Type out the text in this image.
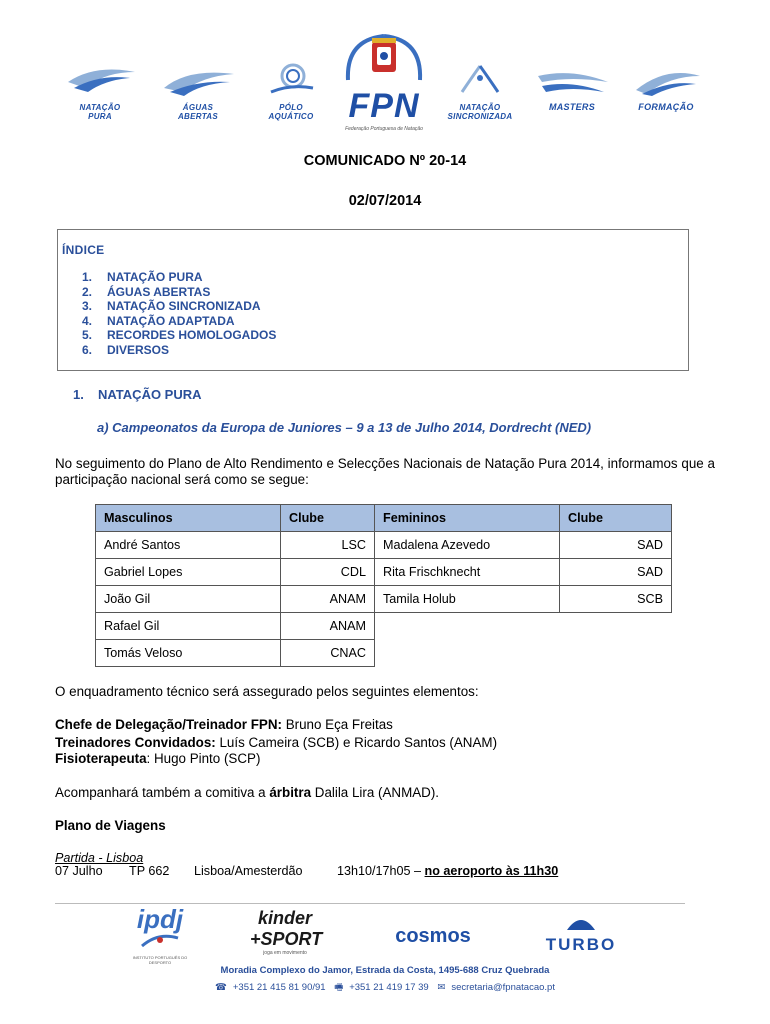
NATAÇÃO
PURA
ÁGUAS
ABERTAS
PÓLO
AQUÁTICO	FPN
Federação Portuguesa de Natação
NATAÇÃO
SINCRONIZADA
MASTERS	FORMAÇÃO
COMUNICADO Nº 20-14
02/07/2014
ÍNDICE
1. NATAÇÃO PURA
2. ÁGUAS ABERTAS
3. NATAÇÃO SINCRONIZADA
4. NATAÇÃO ADAPTADA
5. RECORDES HOMOLOGADOS
6. DIVERSOS
1. NATAÇÃO PURA
a) Campeonatos da Europa de Juniores – 9 a 13 de Julho 2014, Dordrecht (NED)
No seguimento do Plano de Alto Rendimento e Selecções Nacionais de Natação Pura 2014, informamos que a participação nacional será como se segue:
Masculinos	Clube	Femininos	Clube
André Santos	LSC	Madalena Azevedo	SAD
Gabriel Lopes	CDL	Rita Frischknecht	SAD
João Gil	ANAM	Tamila Holub	SCB
Rafael Gil	ANAM		
Tomás Veloso	CNAC		
O enquadramento técnico será assegurado pelos seguintes elementos:
Chefe de Delegação/Treinador FPN: Bruno Eça Freitas
Treinadores Convidados: Luís Cameira (SCB) e Ricardo Santos (ANAM)
Fisioterapeuta: Hugo Pinto (SCP)
Acompanhará também a comitiva a árbitra Dalila Lira (ANMAD).
Plano de Viagens
Partida - Lisboa
07 Julho TP 662 Lisboa/Amesterdão	13h10/17h05 – no aeroporto às 11h30
ipdj
INSTITUTO PORTUGUÊS DO DESPORTO
kinder +SPORT
joga em movimento
cosmos	TURBO
Moradia Complexo do Jamor, Estrada da Costa, 1495-688 Cruz Quebrada
☎ +351 21 415 81 90/91 🖷 +351 21 419 17 39 ✉ secretaria@fpnatacao.pt
